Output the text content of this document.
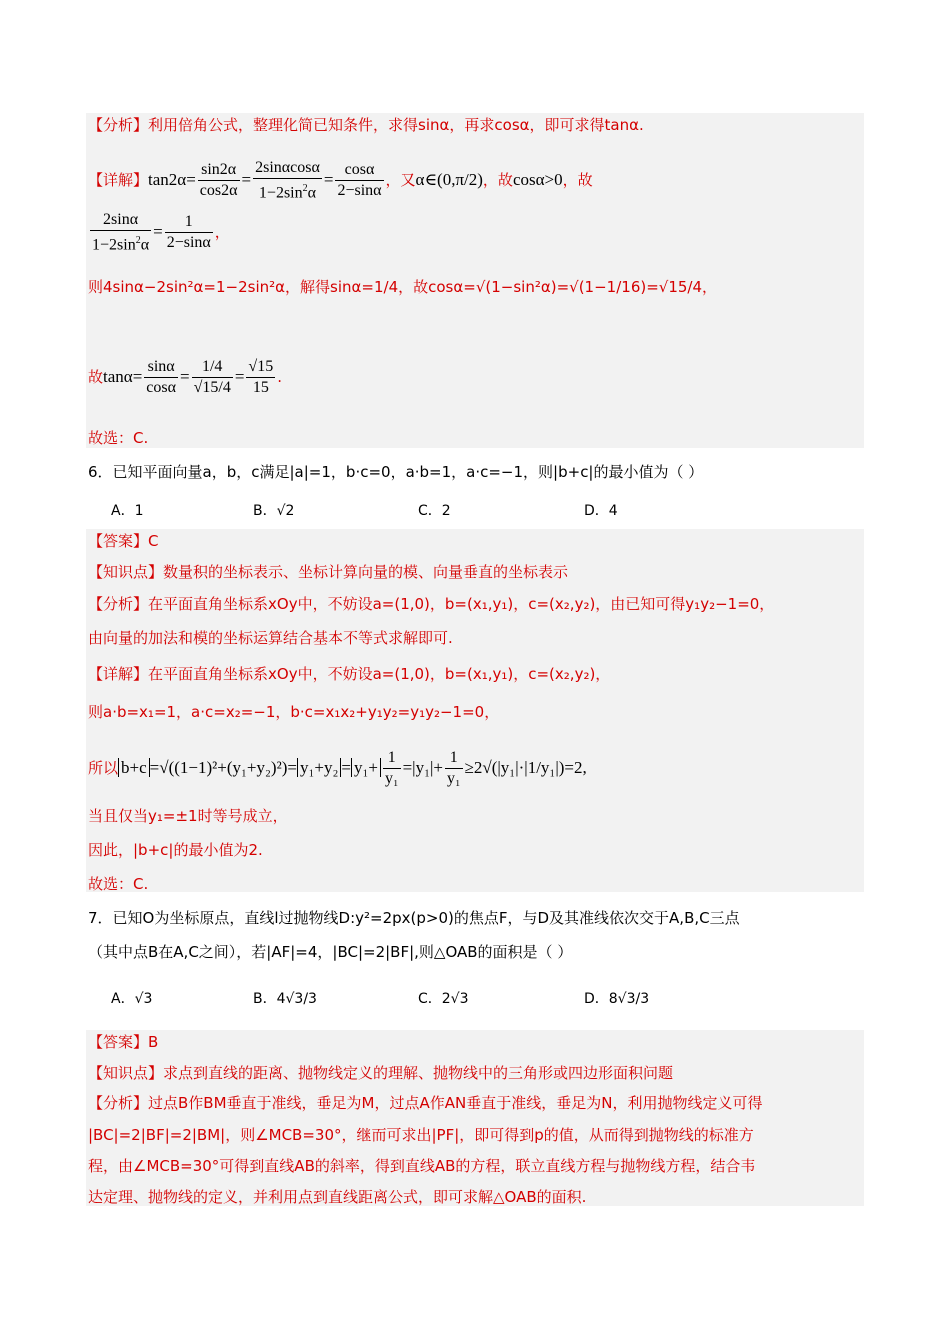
【分析】利用倍角公式，整理化简已知条件，求得sinα，再求cosα，即可求得tanα.
【详解】$\tan 2\alpha= \frac{\sin 2\alpha}{\cos 2\alpha} = \frac{2\sin\alpha\cos\alpha}{1-2\sin^2\alpha} = \frac{\cos\alpha}{2-\sin\alpha}$ ，又α∈(0,π/2)，故cosα>0，故
$\frac{2\sin\alpha}{1-2\sin^2\alpha} = \frac{1}{2-\sin\alpha}$ ，
则4sinα−2sin²α=1−2sin²α，解得sinα=1/4，故cosα=√(1−sin²α)=√(1−1/16)=√15/4，
故$\tan\alpha= \frac{\sin\alpha}{\cos\alpha} = \frac{1/4}{√15/4} = \frac{√15}{15}$ .
故选：C.
6．已知平面向量a，b，c满足|a|=1，b·c=0，a·b=1，a·c=−1，则|b+c|的最小值为（ ）
A．1	B．√2	C．2	D．4
【答案】C
【知识点】数量积的坐标表示、坐标计算向量的模、向量垂直的坐标表示
【分析】在平面直角坐标系xOy中，不妨设a=(1,0)，b=(x₁,y₁)，c=(x₂,y₂)，由已知可得y₁y₂−1=0，
由向量的加法和模的坐标运算结合基本不等式求解即可.
【详解】在平面直角坐标系xOy中，不妨设a=(1,0)，b=(x₁,y₁)，c=(x₂,y₂)，
则a·b=x₁=1，a·c=x₂=−1，b·c=x₁x₂+y₁y₂=y₁y₂−1=0，
所以 $b+c =√((1-1)^2+(y_1+y_2)^2)= y_1+y_2 = y_1+ \frac{1}{\text{y₁}} =|y_1|+ \frac{1}{\text{y₁}} \ge 2√(|y_1|\cdot|1/y_1|)=2$,
当且仅当y₁=±1时等号成立，
因此，|b+c|的最小值为2.
故选：C.
7．已知O为坐标原点，直线l过抛物线D:y²=2px(p>0)的焦点F，与D及其准线依次交于A,B,C三点
（其中点B在A,C之间），若|AF|=4，|BC|=2|BF|,则△OAB的面积是（ ）
A．√3	B．4√3/3	C．2√3	D．8√3/3
【答案】B
【知识点】求点到直线的距离、抛物线定义的理解、抛物线中的三角形或四边形面积问题
【分析】过点B作BM垂直于准线，垂足为M，过点A作AN垂直于准线，垂足为N，利用抛物线定义可得
|BC|=2|BF|=2|BM|，则∠MCB=30°，继而可求出|PF|，即可得到p的值，从而得到抛物线的标准方
程，由∠MCB=30°可得到直线AB的斜率，得到直线AB的方程，联立直线方程与抛物线方程，结合韦
达定理、抛物线的定义，并利用点到直线距离公式，即可求解△OAB的面积.
